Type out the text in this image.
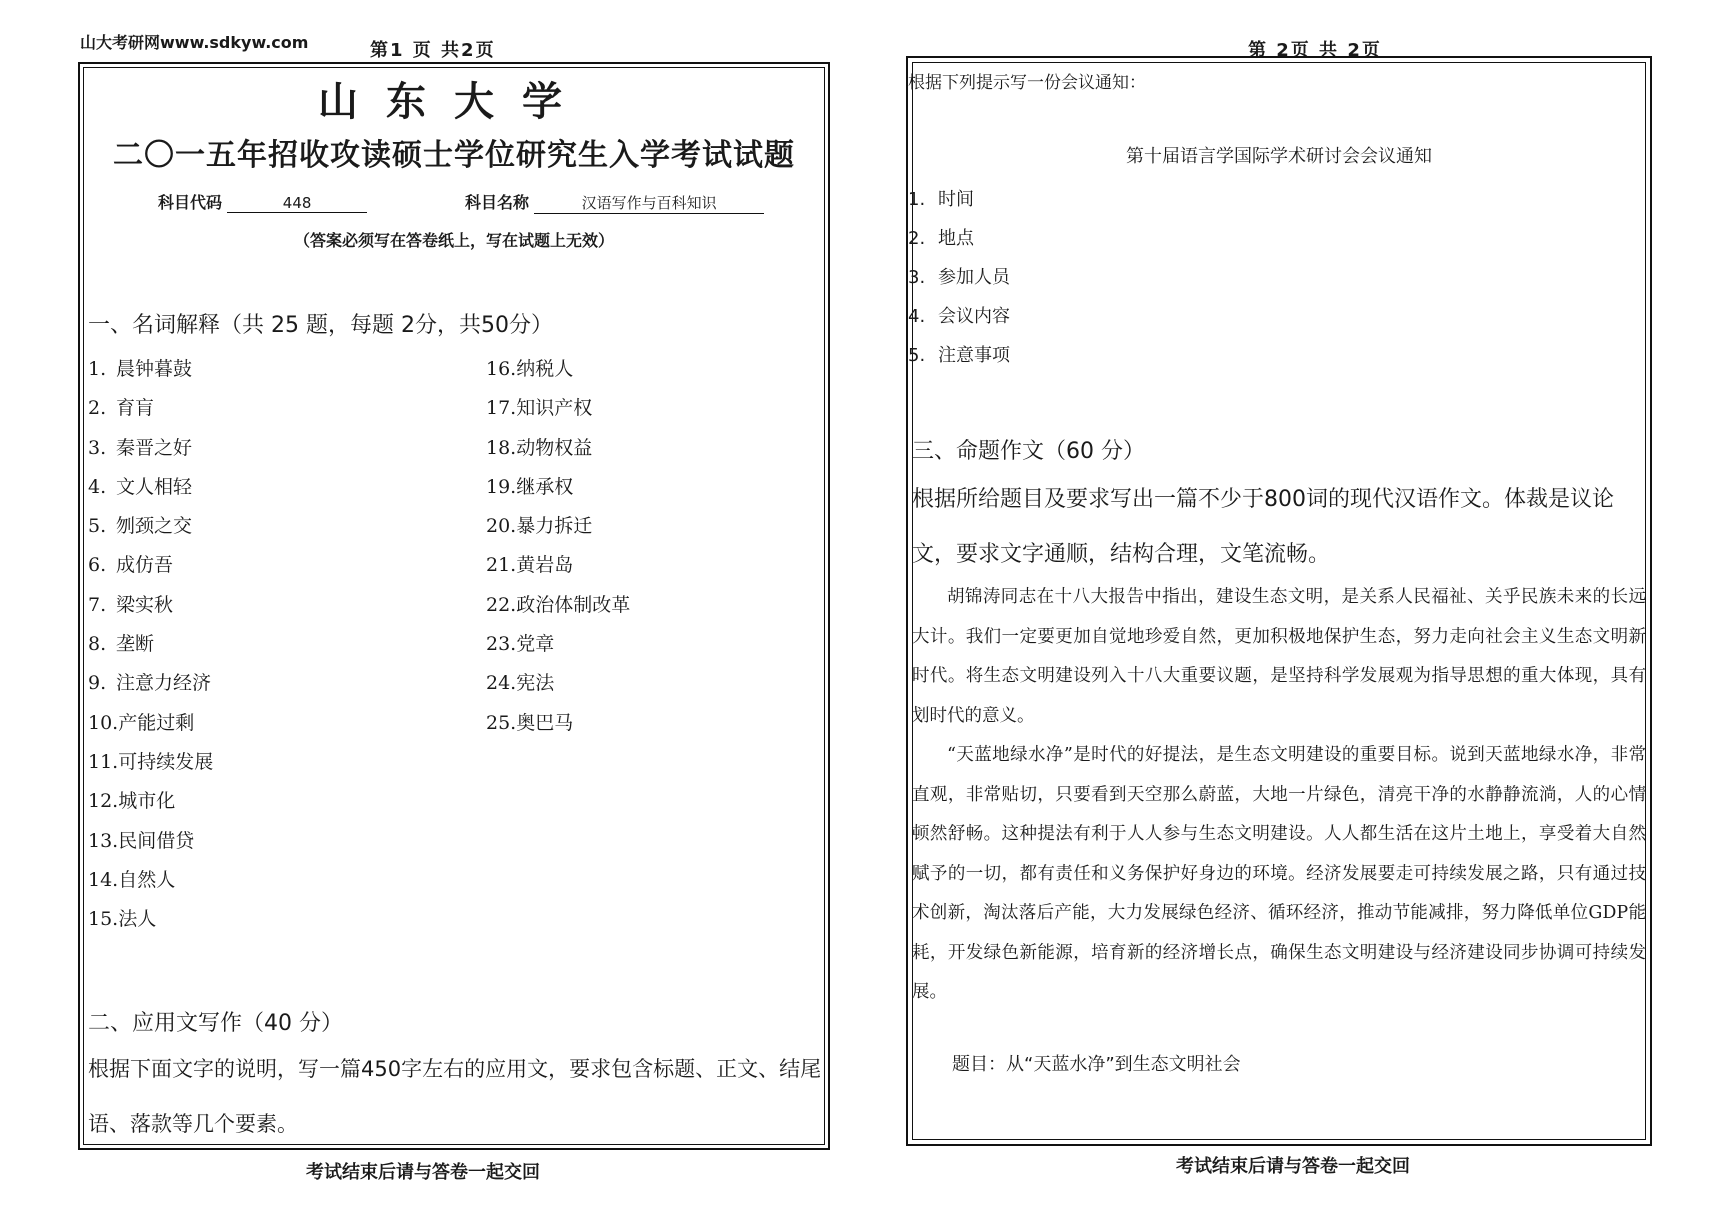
山大考研网www.sdkyw.com	第1 页 共2页	第 2页 共 2页
山东大学
二〇一五年招收攻读硕士学位研究生入学考试试题
科目代码	448	科目名称	汉语写作与百科知识
（答案必须写在答卷纸上，写在试题上无效）
一、名词解释（共 25 题，每题 2分，共50分）
1. 晨钟暮鼓
2. 育肓
3. 秦晋之好
4. 文人相轻
5. 刎颈之交
6. 成仿吾
7. 梁实秋
8. 垄断
9. 注意力经济
10.产能过剩
11.可持续发展
12.城市化
13.民间借贷
14.自然人
15.法人
16.纳税人
17.知识产权
18.动物权益
19.继承权
20.暴力拆迁
21.黄岩岛
22.政治体制改革
23.党章
24.宪法
25.奥巴马
二、应用文写作（40 分）
根据下面文字的说明，写一篇450字左右的应用文，要求包含标题、正文、结尾语、落款等几个要素。
考试结束后请与答卷一起交回
根据下列提示写一份会议通知：
第十届语言学国际学术研讨会会议通知
1. 时间
2. 地点
3. 参加人员
4. 会议内容
5. 注意事项
三、命题作文（60 分）
根据所给题目及要求写出一篇不少于800词的现代汉语作文。体裁是议论文，要求文字通顺，结构合理，文笔流畅。
胡锦涛同志在十八大报告中指出，建设生态文明，是关系人民福祉、关乎民族未来的长远大计。我们一定要更加自觉地珍爱自然，更加积极地保护生态，努力走向社会主义生态文明新时代。将生态文明建设列入十八大重要议题，是坚持科学发展观为指导思想的重大体现，具有划时代的意义。
“天蓝地绿水净”是时代的好提法，是生态文明建设的重要目标。说到天蓝地绿水净，非常直观，非常贴切，只要看到天空那么蔚蓝，大地一片绿色，清亮干净的水静静流淌，人的心情顿然舒畅。这种提法有利于人人参与生态文明建设。人人都生活在这片土地上，享受着大自然赋予的一切，都有责任和义务保护好身边的环境。经济发展要走可持续发展之路，只有通过技术创新，淘汰落后产能，大力发展绿色经济、循环经济，推动节能减排，努力降低单位GDP能耗，开发绿色新能源，培育新的经济增长点，确保生态文明建设与经济建设同步协调可持续发展。
题目：从“天蓝水净”到生态文明社会
考试结束后请与答卷一起交回
